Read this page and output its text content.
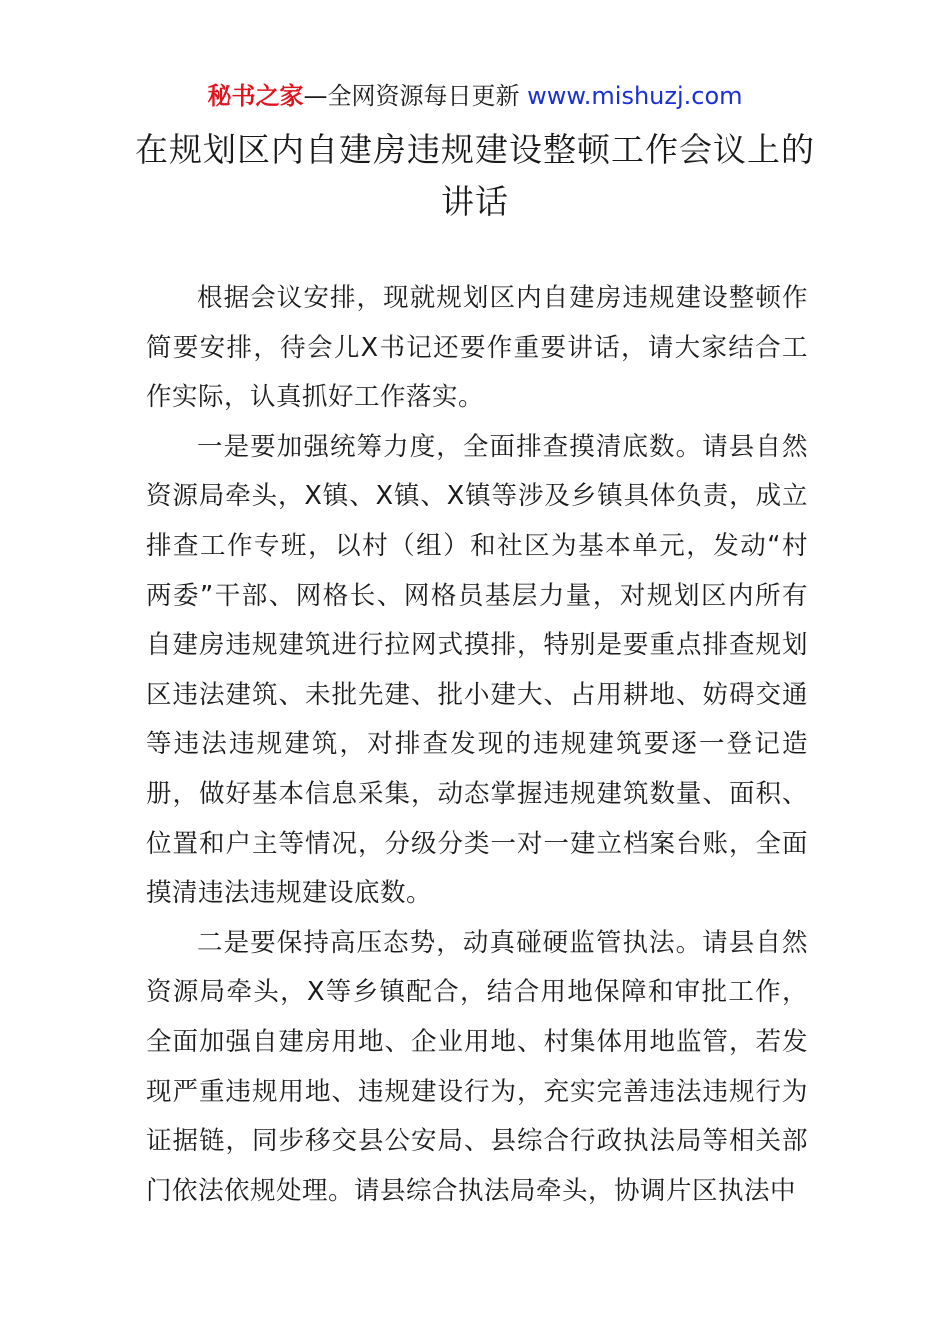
秘书之家—全网资源每日更新 www.mishuzj.com
在规划区内自建房违规建设整顿工作会议上的讲话

根据会议安排，现就规划区内自建房违规建设整顿作简要安排，待会儿X书记还要作重要讲话，请大家结合工作实际，认真抓好工作落实。

一是要加强统筹力度，全面排查摸清底数。请县自然资源局牵头，X镇、X镇、X镇等涉及乡镇具体负责，成立排查工作专班，以村（组）和社区为基本单元，发动“村两委”干部、网格长、网格员基层力量，对规划区内所有自建房违规建筑进行拉网式摸排，特别是要重点排查规划区违法建筑、未批先建、批小建大、占用耕地、妨碍交通等违法违规建筑，对排查发现的违规建筑要逐一登记造册，做好基本信息采集，动态掌握违规建筑数量、面积、位置和户主等情况，分级分类一对一建立档案台账，全面摸清违法违规建设底数。

二是要保持高压态势，动真碰硬监管执法。请县自然资源局牵头，X等乡镇配合，结合用地保障和审批工作，全面加强自建房用地、企业用地、村集体用地监管，若发现严重违规用地、违规建设行为，充实完善违法违规行为证据链，同步移交县公安局、县综合行政执法局等相关部门依法依规处理。请县综合执法局牵头，协调片区执法中
